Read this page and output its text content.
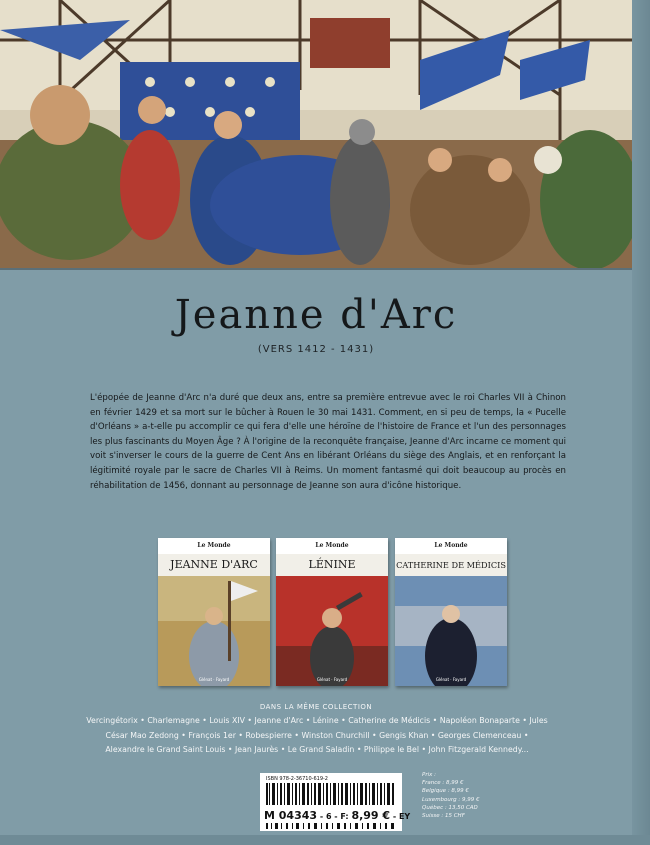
Jeanne d'Arc
(VERS 1412 - 1431)

L'épopée de Jeanne d'Arc n'a duré que deux ans, entre sa première entrevue avec le roi Charles VII à Chinon en février 1429 et sa mort sur le bûcher à Rouen le 30 mai 1431. Comment, en si peu de temps, la « Pucelle d'Orléans » a-t-elle pu accomplir ce qui fera d'elle une héroïne de l'histoire de France et l'un des personnages les plus fascinants du Moyen Âge ? À l'origine de la reconquête française, Jeanne d'Arc incarne ce moment qui voit s'inverser le cours de la guerre de Cent Ans en libérant Orléans du siège des Anglais, et en renforçant la légitimité royale par le sacre de Charles VII à Reims. Un moment fantasmé qui doit beaucoup au procès en réhabilitation de 1456, donnant au personnage de Jeanne son aura d'icône historique.

Le Monde
JEANNE D'ARC
Glénat · Fayard
Le Monde
LÉNINE
Glénat · Fayard
Le Monde
CATHERINE DE MÉDICIS
Glénat · Fayard
DANS LA MÊME COLLECTION

Vercingétorix • Charlemagne • Louis XIV • Jeanne d'Arc • Lénine • Catherine de Médicis • Napoléon Bonaparte • Jules César Mao Zedong • François 1er • Robespierre • Winston Churchill • Gengis Khan • Georges Clemenceau • Alexandre le Grand Saint Louis • Jean Jaurès • Le Grand Saladin • Philippe le Bel • John Fitzgerald Kennedy...

ISBN 978-2-36710-619-2
M 04343 - 6 - F: 8,99 € - EY
Prix :
France : 8,99 €
Belgique : 8,99 €
Luxembourg : 9,99 €
Québec : 13,50 CAD
Suisse : 15 CHF
